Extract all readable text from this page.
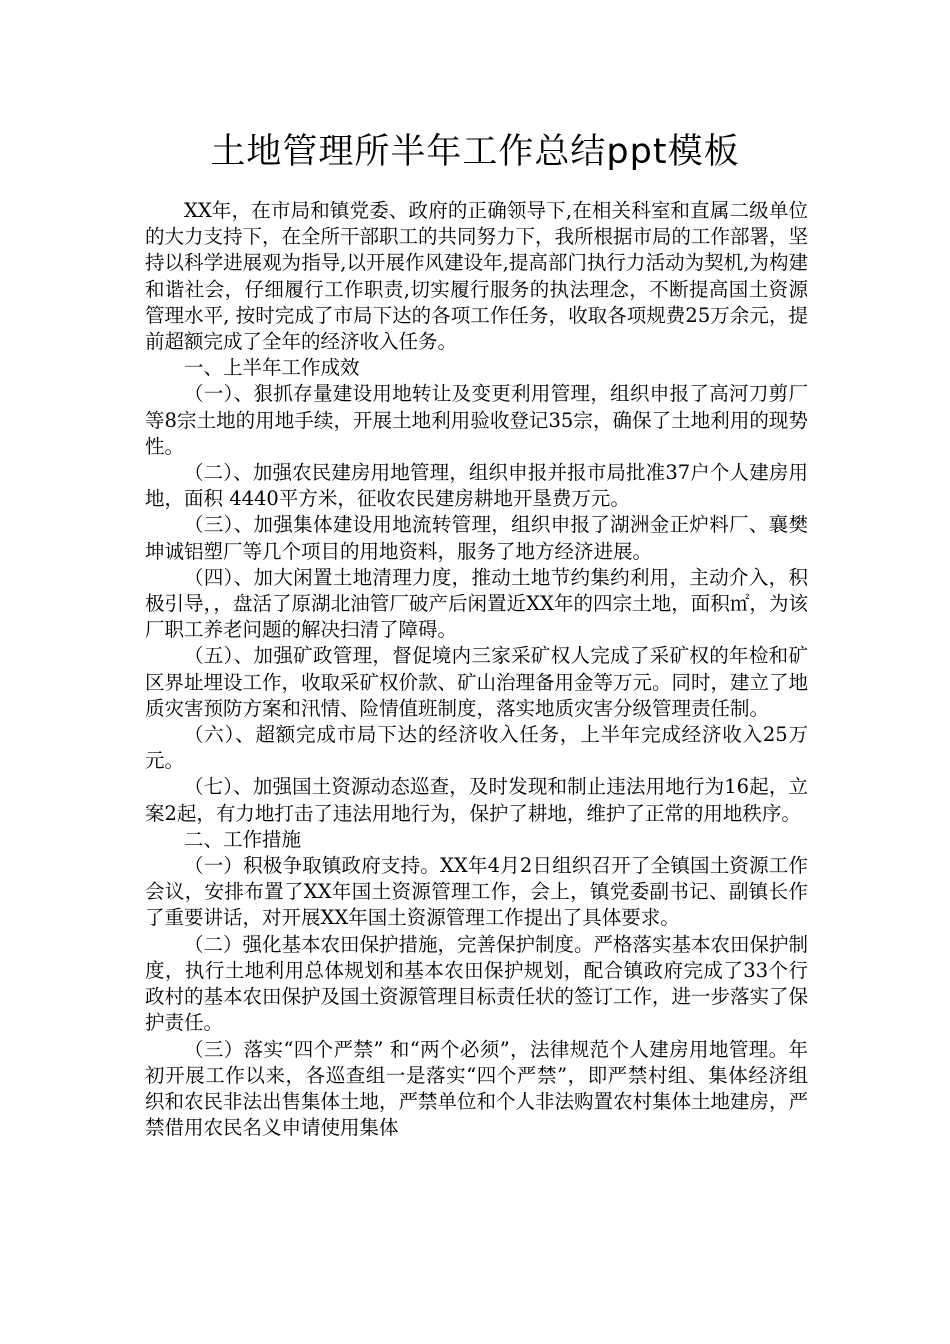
土地管理所半年工作总结ppt模板

XX年，在市局和镇党委、政府的正确领导下,在相关科室和直属二级单位的大力支持下，在全所干部职工的共同努力下，我所根据市局的工作部署，坚持以科学进展观为指导,以开展作风建设年,提高部门执行力活动为契机,为构建和谐社会，仔细履行工作职责,切实履行服务的执法理念，不断提高国土资源管理水平, 按时完成了市局下达的各项工作任务，收取各项规费25万余元，提前超额完成了全年的经济收入任务。

一、上半年工作成效

（一）、狠抓存量建设用地转让及变更利用管理，组织申报了高河刀剪厂等8宗土地的用地手续，开展土地利用验收登记35宗，确保了土地利用的现势性。

（二）、加强农民建房用地管理，组织申报并报市局批准37户个人建房用地，面积 4440平方米，征收农民建房耕地开垦费万元。

（三）、加强集体建设用地流转管理，组织申报了湖洲金正炉料厂、襄樊坤诚铝塑厂等几个项目的用地资料，服务了地方经济进展。

（四）、加大闲置土地清理力度，推动土地节约集约利用，主动介入，积极引导，，盘活了原湖北油管厂破产后闲置近XX年的四宗土地，面积㎡，为该厂职工养老问题的解决扫清了障碍。

（五）、加强矿政管理，督促境内三家采矿权人完成了采矿权的年检和矿区界址埋设工作，收取采矿权价款、矿山治理备用金等万元。同时，建立了地质灾害预防方案和汛情、险情值班制度，落实地质灾害分级管理责任制。

（六）、超额完成市局下达的经济收入任务，上半年完成经济收入25万元。

（七）、加强国土资源动态巡查，及时发现和制止违法用地行为16起，立案2起，有力地打击了违法用地行为，保护了耕地，维护了正常的用地秩序。

二、工作措施

（一）积极争取镇政府支持。XX年4月2日组织召开了全镇国土资源工作会议，安排布置了XX年国土资源管理工作，会上，镇党委副书记、副镇长作了重要讲话，对开展XX年国土资源管理工作提出了具体要求。

（二）强化基本农田保护措施，完善保护制度。严格落实基本农田保护制度，执行土地利用总体规划和基本农田保护规划，配合镇政府完成了33个行政村的基本农田保护及国土资源管理目标责任状的签订工作，进一步落实了保护责任。

（三）落实“四个严禁” 和“两个必须”，法律规范个人建房用地管理。年初开展工作以来，各巡查组一是落实“四个严禁”，即严禁村组、集体经济组织和农民非法出售集体土地，严禁单位和个人非法购置农村集体土地建房，严禁借用农民名义申请使用集体
